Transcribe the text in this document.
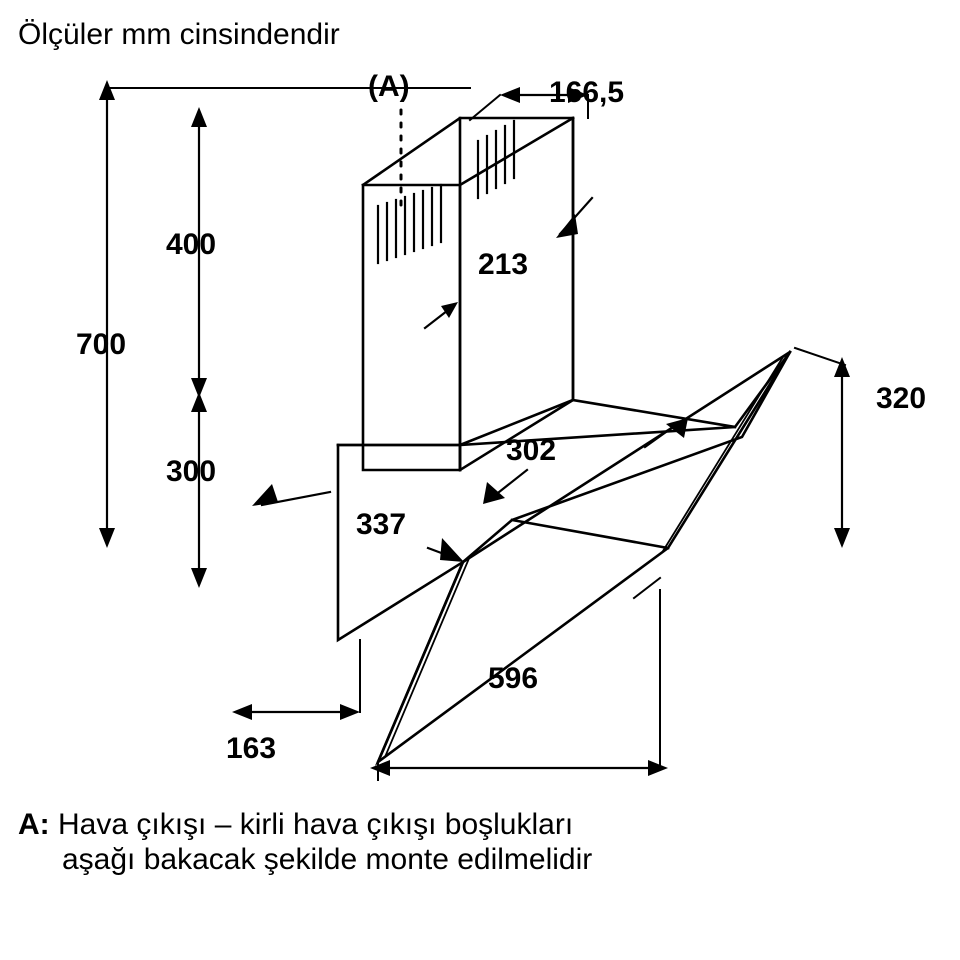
Ölçüler mm cinsindendir
700
400
300
166,5
213
302
337
320
596
163
(A)
A: Hava çıkışı – kirli hava çıkışı boşlukları
aşağı bakacak şekilde monte edilmelidir
